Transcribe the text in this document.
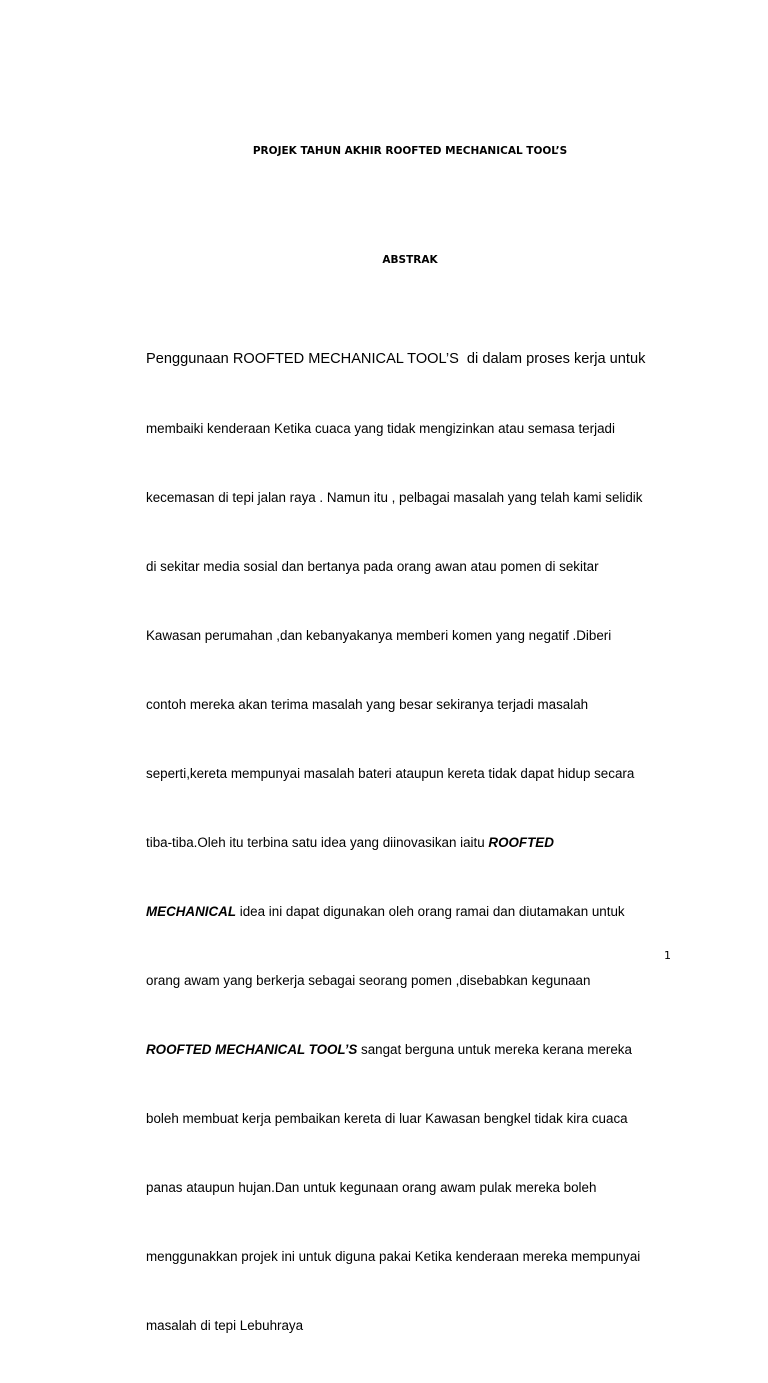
PROJEK TAHUN AKHIR ROOFTED MECHANICAL TOOL’S
ABSTRAK

Penggunaan ROOFTED MECHANICAL TOOL’S  di dalam proses kerja untuk

membaiki kenderaan Ketika cuaca yang tidak mengizinkan atau semasa terjadi

kecemasan di tepi jalan raya . Namun itu , pelbagai masalah yang telah kami selidik

di sekitar media sosial dan bertanya pada orang awan atau pomen di sekitar

Kawasan perumahan ,dan kebanyakanya memberi komen yang negatif .Diberi

contoh mereka akan terima masalah yang besar sekiranya terjadi masalah

seperti,kereta mempunyai masalah bateri ataupun kereta tidak dapat hidup secara

tiba-tiba.Oleh itu terbina satu idea yang diinovasikan iaitu ROOFTED

MECHANICAL idea ini dapat digunakan oleh orang ramai dan diutamakan untuk

orang awam yang berkerja sebagai seorang pomen ,disebabkan kegunaan

ROOFTED MECHANICAL TOOL’S sangat berguna untuk mereka kerana mereka

boleh membuat kerja pembaikan kereta di luar Kawasan bengkel tidak kira cuaca

panas ataupun hujan.Dan untuk kegunaan orang awam pulak mereka boleh

menggunakkan projek ini untuk diguna pakai Ketika kenderaan mereka mempunyai

masalah di tepi Lebuhraya

1
